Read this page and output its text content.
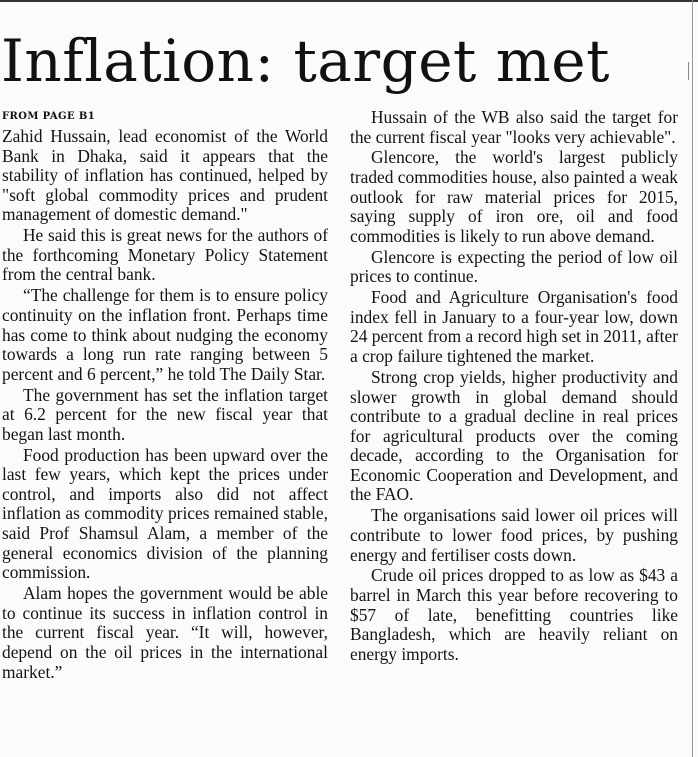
Inflation: target met
FROM PAGE B1

Zahid Hussain, lead economist of the World Bank in Dhaka, said it appears that the stability of inflation has continued, helped by "soft global commodity prices and prudent management of domestic demand."

He said this is great news for the authors of the forthcoming Monetary Policy Statement from the central bank.

“The challenge for them is to ensure policy continuity on the inflation front. Perhaps time has come to think about nudging the economy towards a long run rate ranging between 5 percent and 6 percent,” he told The Daily Star.

The government has set the inflation target at 6.2 percent for the new fiscal year that began last month.

Food production has been upward over the last few years, which kept the prices under control, and imports also did not affect inflation as commodity prices remained stable, said Prof Shamsul Alam, a member of the general economics division of the planning commission.

Alam hopes the government would be able to continue its success in inflation control in the current fiscal year. “It will, however, depend on the oil prices in the international market.”

Hussain of the WB also said the target for the current fiscal year "looks very achievable".

Glencore, the world's largest publicly traded commodities house, also painted a weak outlook for raw material prices for 2015, saying supply of iron ore, oil and food commodities is likely to run above demand.

Glencore is expecting the period of low oil prices to continue.

Food and Agriculture Organisation's food index fell in January to a four-year low, down 24 percent from a record high set in 2011, after a crop failure tightened the market.

Strong crop yields, higher productivity and slower growth in global demand should contribute to a gradual decline in real prices for agricultural products over the coming decade, according to the Organisation for Economic Cooperation and Development, and the FAO.

The organisations said lower oil prices will contribute to lower food prices, by pushing energy and fertiliser costs down.

Crude oil prices dropped to as low as $43 a barrel in March this year before recovering to $57 of late, benefitting countries like Bangladesh, which are heavily reliant on energy imports.
